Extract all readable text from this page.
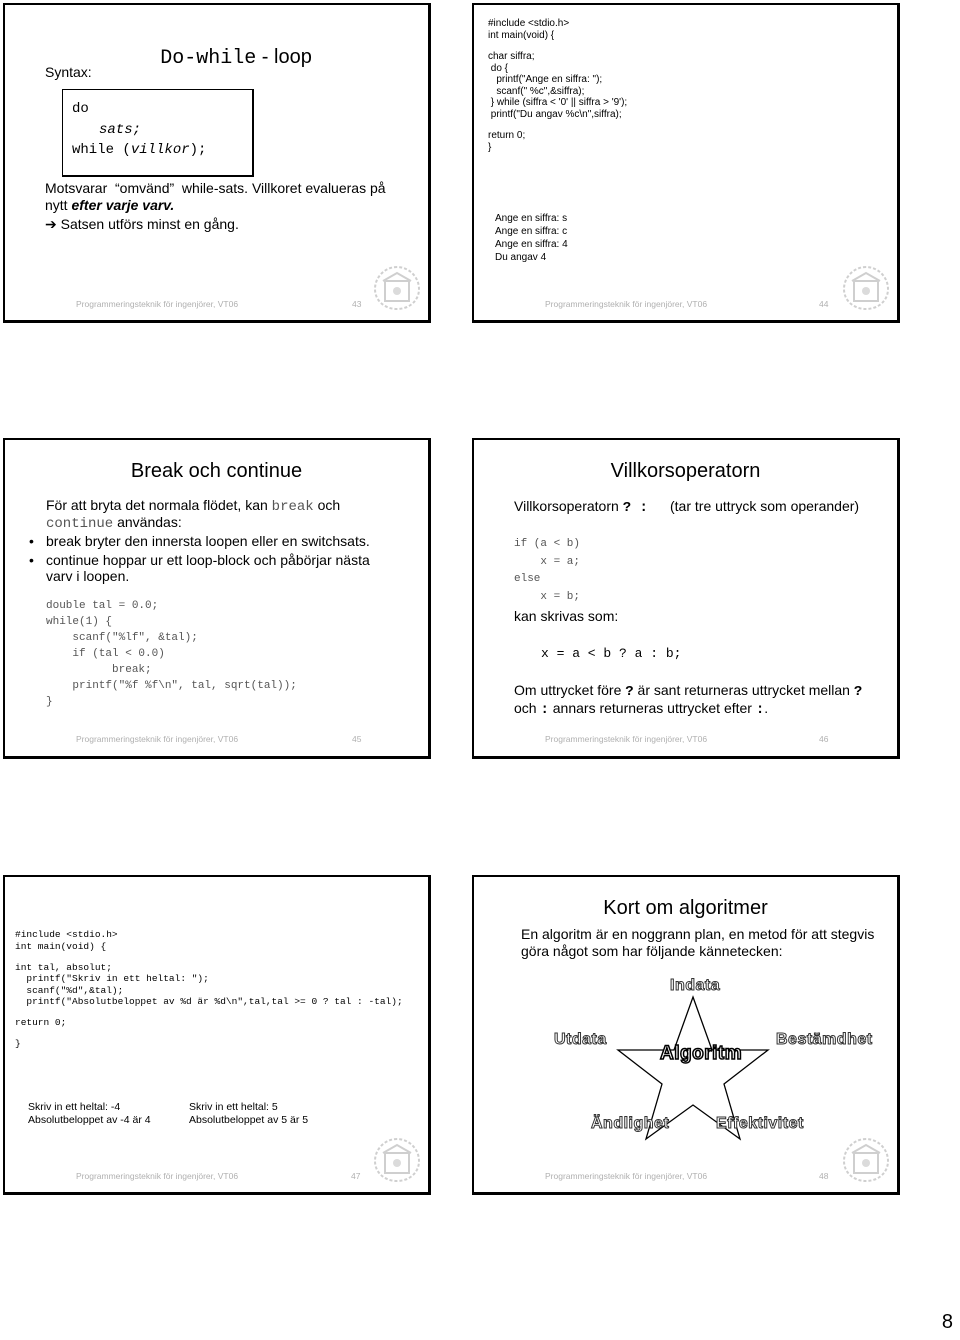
Syntax:

Do-while - loop

do
sats;
while (villkor);
Motsvarar  “omvänd”  while-sats. Villkoret evalueras på
nytt efter varje varv.
➔ Satsen utförs minst en gång.
Programmeringsteknik för ingenjörer, VT06	43
#include <stdio.h>
int main(void) {
char siffra;
do {
printf("Ange en siffra: ");
scanf(" %c",&siffra);
} while (siffra < '0' || siffra > '9');
printf("Du angav %c\n",siffra);
return 0;
}
Ange en siffra: s
Ange en siffra: c
Ange en siffra: 4
Du angav 4
Programmeringsteknik för ingenjörer, VT06	44
Break och continue
För att bryta det normala flödet, kan break och
continue användas:
• break bryter den innersta loopen eller en switchsats.
• continue hoppar ur ett loop-block och påbörjar nästa
varv i loopen.
double tal = 0.0;
while(1) {
scanf("%lf", &tal);
if (tal < 0.0)
break;
printf("%f %f\n", tal, sqrt(tal));
}
Programmeringsteknik för ingenjörer, VT06	45
Villkorsoperatorn
Villkorsoperatorn ? : (tar tre uttryck som operander)
if (a < b)
x = a;
else
x = b;
kan skrivas som:
x = a < b ? a : b;
Om uttrycket före ? är sant returneras uttrycket mellan ?
och : annars returneras uttrycket efter :.
Programmeringsteknik för ingenjörer, VT06	46
#include <stdio.h>
int main(void) {
int tal, absolut;
printf("Skriv in ett heltal: ");
scanf("%d",&tal);
printf("Absolutbeloppet av %d är %d\n",tal,tal >= 0 ? tal : -tal);
return 0;
}
Skriv in ett heltal: -4
Absolutbeloppet av -4 är 4
Skriv in ett heltal: 5
Absolutbeloppet av 5 är 5
Programmeringsteknik för ingenjörer, VT06	47
Kort om algoritmer
En algoritm är en noggrann plan, en metod för att stegvis
göra något som har följande kännetecken:
Indata
Utdata	Bestämdhet
Algoritm
Ändlighet	Effektivitet
Programmeringsteknik för ingenjörer, VT06	48
8
